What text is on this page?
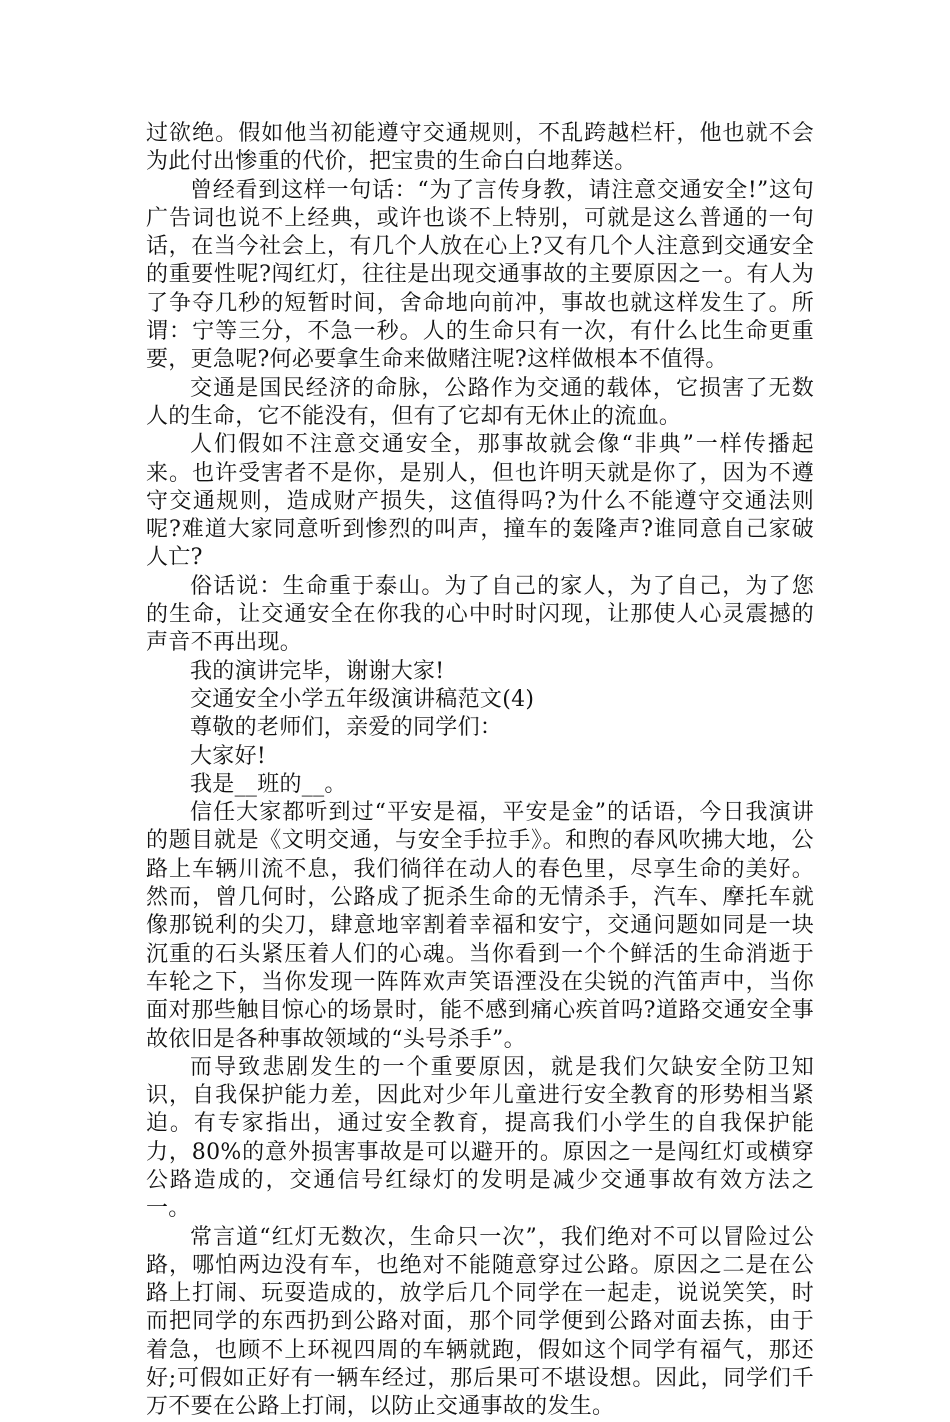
过欲绝。假如他当初能遵守交通规则，不乱跨越栏杆，他也就不会为此付出惨重的代价，把宝贵的生命白白地葬送。

曾经看到这样一句话：“为了言传身教，请注意交通安全!”这句广告词也说不上经典，或许也谈不上特别，可就是这么普通的一句话，在当今社会上，有几个人放在心上?又有几个人注意到交通安全的重要性呢?闯红灯，往往是出现交通事故的主要原因之一。有人为了争夺几秒的短暂时间，舍命地向前冲，事故也就这样发生了。所谓：宁等三分，不急一秒。人的生命只有一次，有什么比生命更重要，更急呢?何必要拿生命来做赌注呢?这样做根本不值得。

交通是国民经济的命脉，公路作为交通的载体，它损害了无数人的生命，它不能没有，但有了它却有无休止的流血。

人们假如不注意交通安全，那事故就会像“非典”一样传播起来。也许受害者不是你，是别人，但也许明天就是你了，因为不遵守交通规则，造成财产损失，这值得吗?为什么不能遵守交通法则呢?难道大家同意听到惨烈的叫声，撞车的轰隆声?谁同意自己家破人亡?

俗话说：生命重于泰山。为了自己的家人，为了自己，为了您的生命，让交通安全在你我的心中时时闪现，让那使人心灵震撼的声音不再出现。

我的演讲完毕，谢谢大家!

交通安全小学五年级演讲稿范文(4)

尊敬的老师们，亲爱的同学们：

大家好!

我是__班的__。

信任大家都听到过“平安是福，平安是金”的话语，今日我演讲的题目就是《文明交通，与安全手拉手》。和煦的春风吹拂大地，公路上车辆川流不息，我们徜徉在动人的春色里，尽享生命的美好。然而，曾几何时，公路成了扼杀生命的无情杀手，汽车、摩托车就像那锐利的尖刀，肆意地宰割着幸福和安宁，交通问题如同是一块沉重的石头紧压着人们的心魂。当你看到一个个鲜活的生命消逝于车轮之下，当你发现一阵阵欢声笑语湮没在尖锐的汽笛声中，当你面对那些触目惊心的场景时，能不感到痛心疾首吗?道路交通安全事故依旧是各种事故领域的“头号杀手”。

而导致悲剧发生的一个重要原因，就是我们欠缺安全防卫知识，自我保护能力差，因此对少年儿童进行安全教育的形势相当紧迫。有专家指出，通过安全教育，提高我们小学生的自我保护能力，80%的意外损害事故是可以避开的。原因之一是闯红灯或横穿公路造成的，交通信号红绿灯的发明是减少交通事故有效方法之一。

常言道“红灯无数次，生命只一次”，我们绝对不可以冒险过公路，哪怕两边没有车，也绝对不能随意穿过公路。原因之二是在公路上打闹、玩耍造成的，放学后几个同学在一起走，说说笑笑，时而把同学的东西扔到公路对面，那个同学便到公路对面去拣，由于着急，也顾不上环视四周的车辆就跑，假如这个同学有福气，那还好;可假如正好有一辆车经过，那后果可不堪设想。因此，同学们千万不要在公路上打闹，以防止交通事故的发生。
